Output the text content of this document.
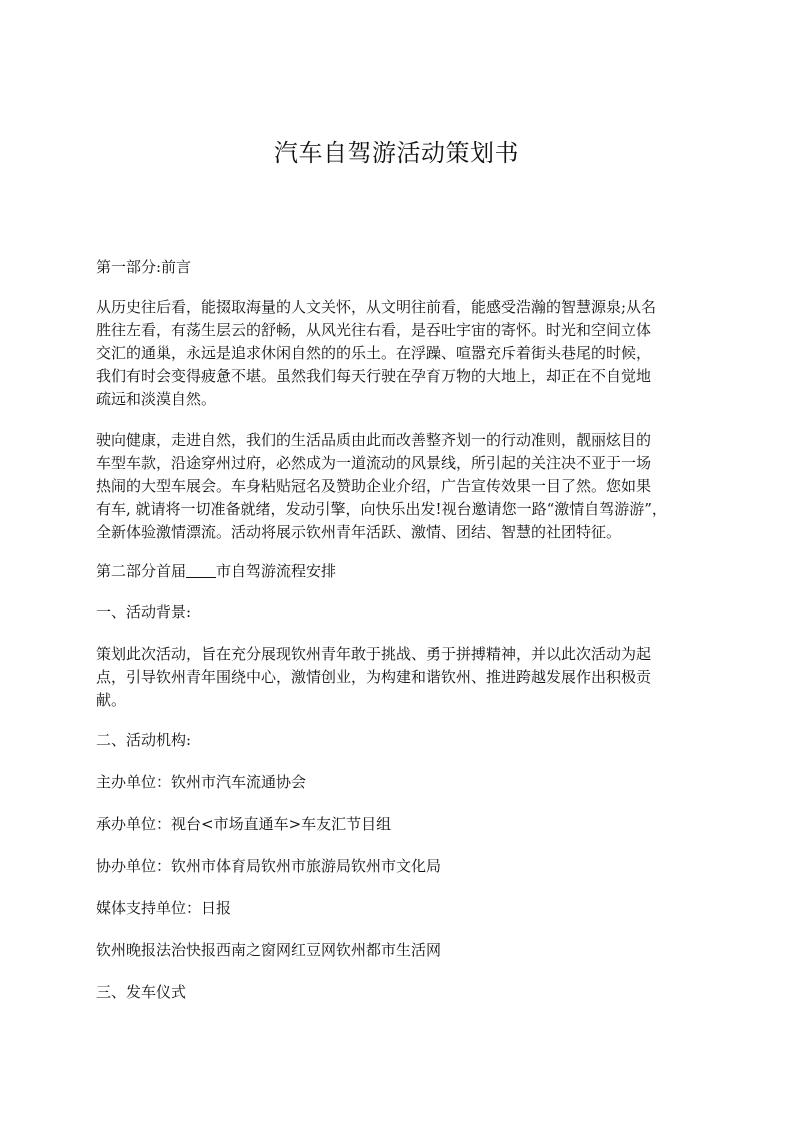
汽车自驾游活动策划书
第一部分:前言
从历史往后看，能掇取海量的人文关怀，从文明往前看，能感受浩瀚的智慧源泉;从名
胜往左看，有荡生层云的舒畅，从风光往右看，是吞吐宇宙的寄怀。时光和空间立体
交汇的通巢，永远是追求休闲自然的的乐土。在浮躁、喧嚣充斥着街头巷尾的时候，
我们有时会变得疲惫不堪。虽然我们每天行驶在孕育万物的大地上，却正在不自觉地
疏远和淡漠自然。
驶向健康，走进自然，我们的生活品质由此而改善整齐划一的行动准则，靓丽炫目的
车型车款，沿途穿州过府，必然成为一道流动的风景线，所引起的关注决不亚于一场
热闹的大型车展会。车身粘贴冠名及赞助企业介绍，广告宣传效果一目了然。您如果
有车, 就请将一切准备就绪，发动引擎，向快乐出发!视台邀请您一路“激情自驾游游”，
全新体验激情漂流。活动将展示钦州青年活跃、激情、团结、智慧的社团特征。
第二部分首届 市自驾游流程安排
一、活动背景:
策划此次活动，旨在充分展现钦州青年敢于挑战、勇于拼搏精神，并以此次活动为起
点，引导钦州青年围绕中心，激情创业，为构建和谐钦州、推进跨越发展作出积极贡
献。
二、活动机构:
主办单位：钦州市汽车流通协会
承办单位：视台<市场直通车>车友汇节目组
协办单位：钦州市体育局钦州市旅游局钦州市文化局
媒体支持单位：日报
钦州晚报法治快报西南之窗网红豆网钦州都市生活网
三、发车仪式
